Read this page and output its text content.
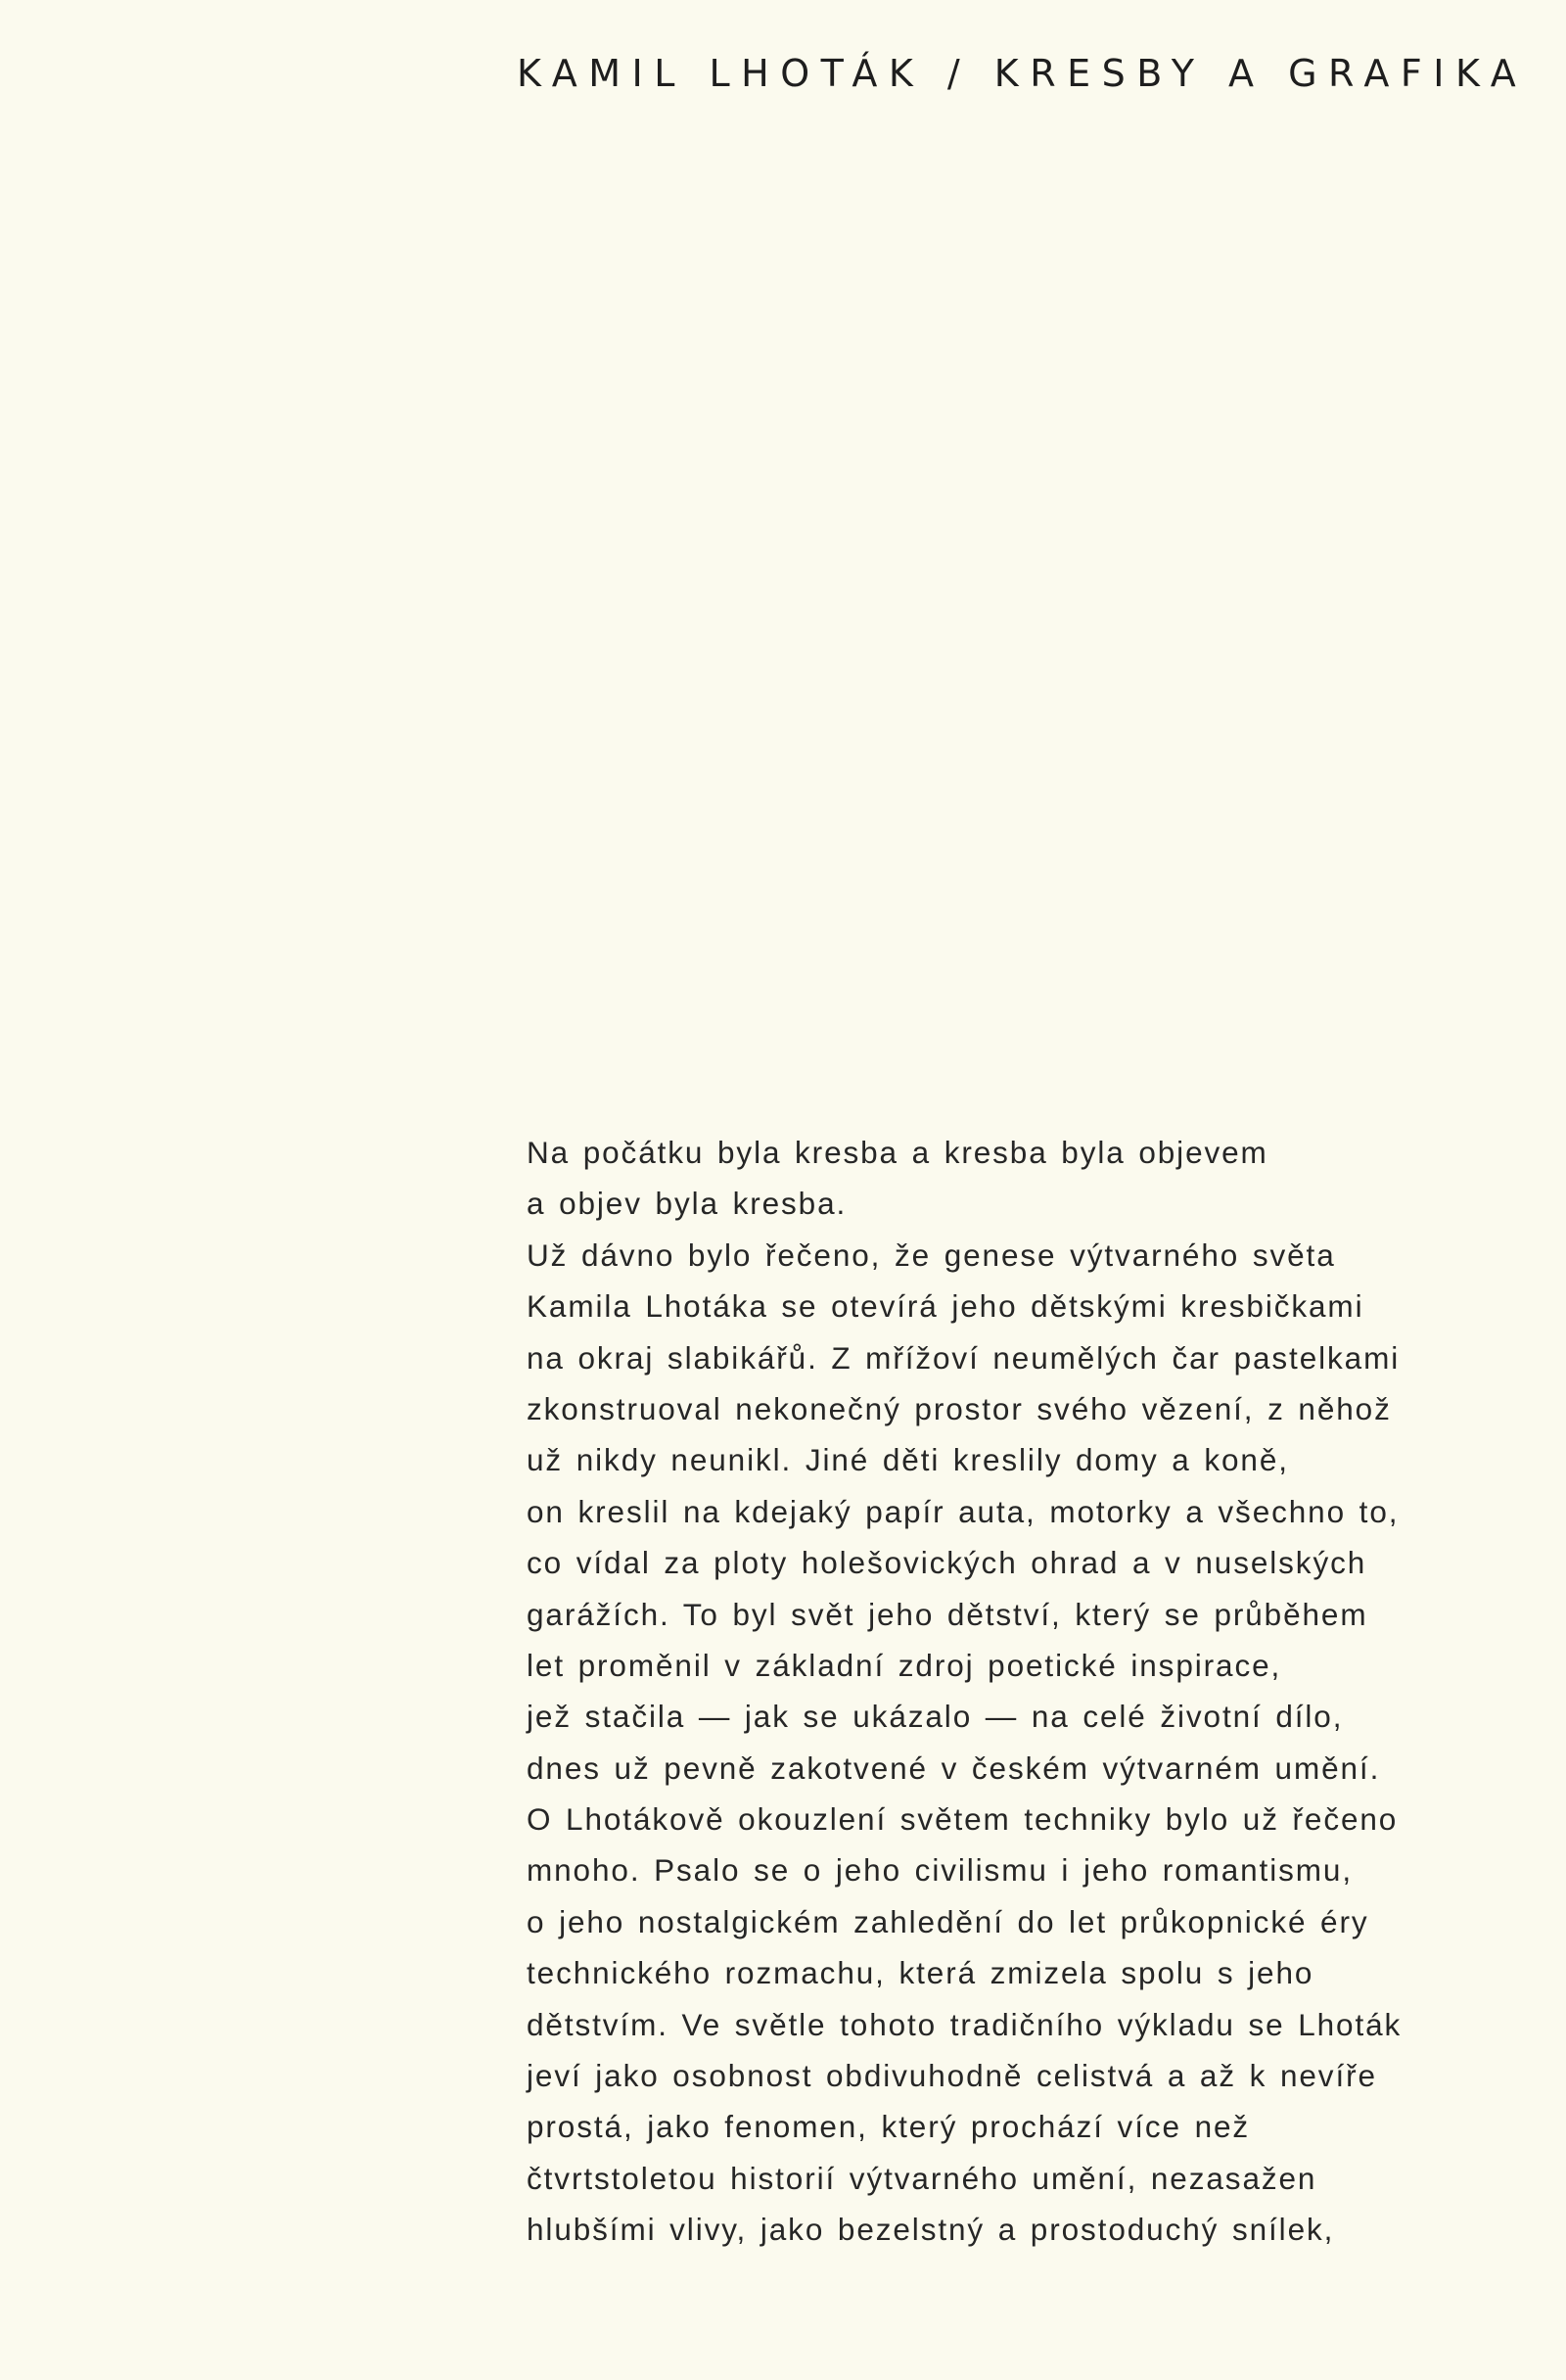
KAMIL LHOTÁK / KRESBY A GRAFIKA
Na počátku byla kresba a kresba byla objevem
a objev byla kresba.
Už dávno bylo řečeno, že genese výtvarného světa
Kamila Lhotáka se otevírá jeho dětskými kresbičkami
na okraj slabikářů. Z mřížoví neumělých čar pastelkami
zkonstruoval nekonečný prostor svého vězení, z něhož
už nikdy neunikl. Jiné děti kreslily domy a koně,
on kreslil na kdejaký papír auta, motorky a všechno to,
co vídal za ploty holešovických ohrad a v nuselských
garážích. To byl svět jeho dětství, který se průběhem
let proměnil v základní zdroj poetické inspirace,
jež stačila — jak se ukázalo — na celé životní dílo,
dnes už pevně zakotvené v českém výtvarném umění.
O Lhotákově okouzlení světem techniky bylo už řečeno
mnoho. Psalo se o jeho civilismu i jeho romantismu,
o jeho nostalgickém zahledění do let průkopnické éry
technického rozmachu, která zmizela spolu s jeho
dětstvím. Ve světle tohoto tradičního výkladu se Lhoták
jeví jako osobnost obdivuhodně celistvá a až k nevíře
prostá, jako fenomen, který prochází více než
čtvrtstoletou historií výtvarného umění, nezasažen
hlubšími vlivy, jako bezelstný a prostoduchý snílek,
